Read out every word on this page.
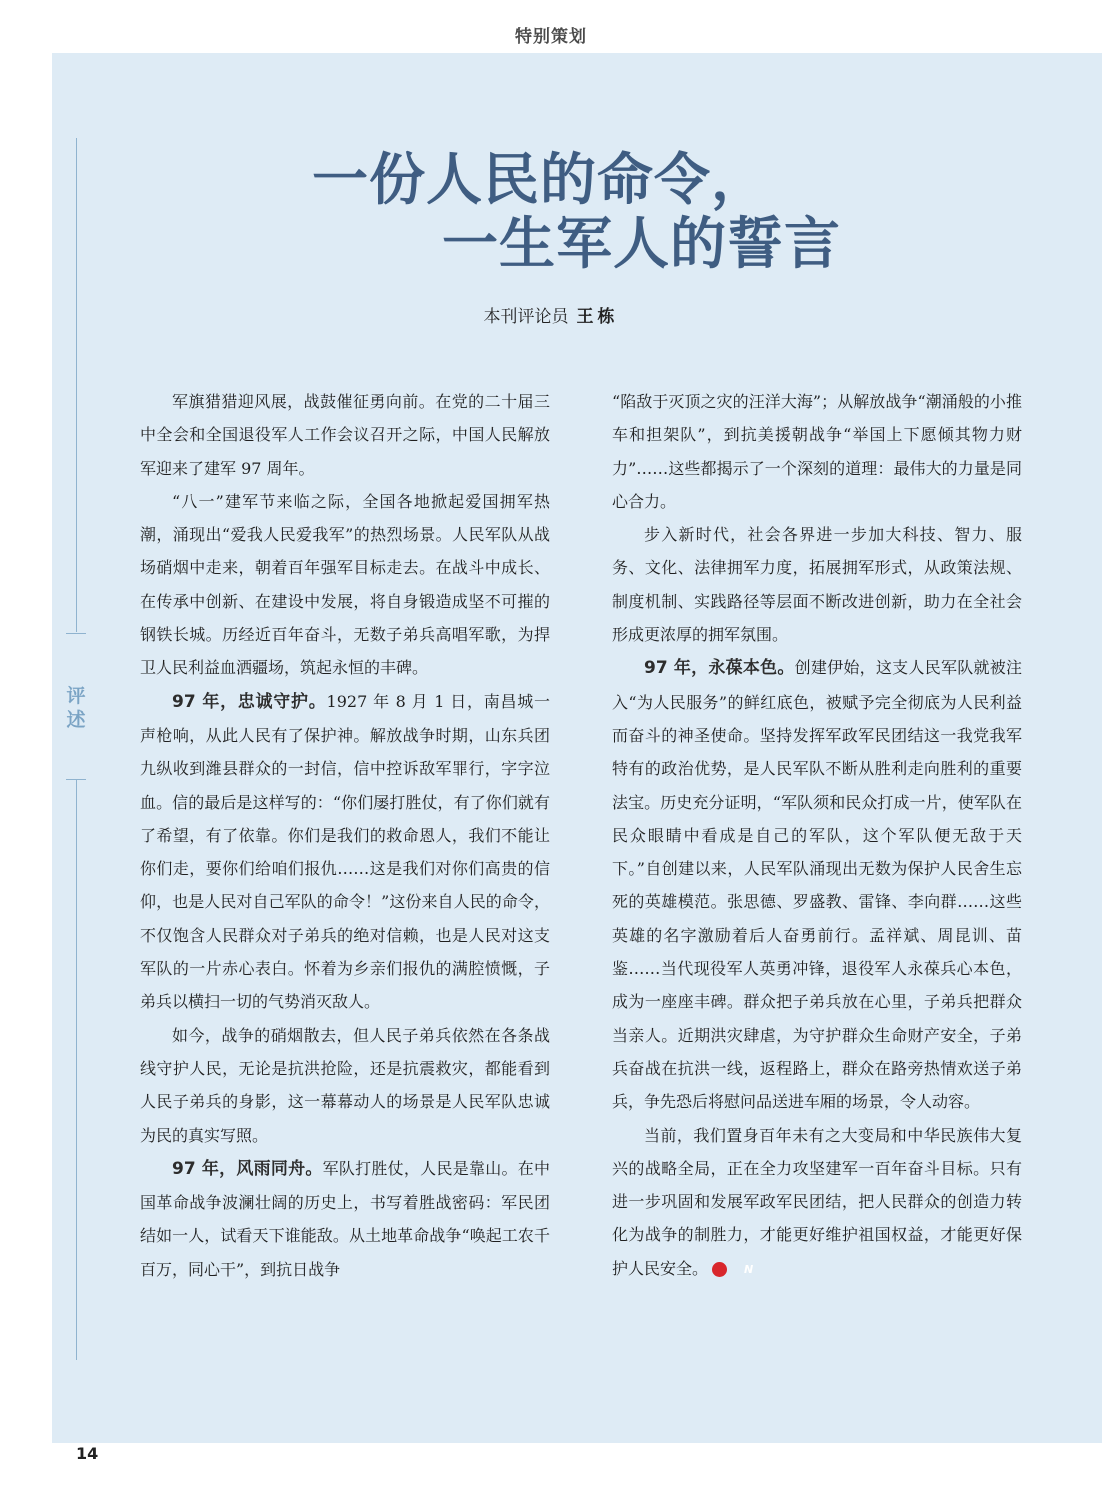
特别策划
评述
一份人民的命令，
一生军人的誓言
本刊评论员 王栋

军旗猎猎迎风展，战鼓催征勇向前。在党的二十届三中全会和全国退役军人工作会议召开之际，中国人民解放军迎来了建军 97 周年。

“八一”建军节来临之际，全国各地掀起爱国拥军热潮，涌现出“爱我人民爱我军”的热烈场景。人民军队从战场硝烟中走来，朝着百年强军目标走去。在战斗中成长、在传承中创新、在建设中发展，将自身锻造成坚不可摧的钢铁长城。历经近百年奋斗，无数子弟兵高唱军歌，为捍卫人民利益血洒疆场，筑起永恒的丰碑。

97 年，忠诚守护。1927 年 8 月 1 日，南昌城一声枪响，从此人民有了保护神。解放战争时期，山东兵团九纵收到潍县群众的一封信，信中控诉敌军罪行，字字泣血。信的最后是这样写的：“你们屡打胜仗，有了你们就有了希望，有了依靠。你们是我们的救命恩人，我们不能让你们走，要你们给咱们报仇……这是我们对你们高贵的信仰，也是人民对自己军队的命令！”这份来自人民的命令，不仅饱含人民群众对子弟兵的绝对信赖，也是人民对这支军队的一片赤心表白。怀着为乡亲们报仇的满腔愤慨，子弟兵以横扫一切的气势消灭敌人。

如今，战争的硝烟散去，但人民子弟兵依然在各条战线守护人民，无论是抗洪抢险，还是抗震救灾，都能看到人民子弟兵的身影，这一幕幕动人的场景是人民军队忠诚为民的真实写照。

97 年，风雨同舟。军队打胜仗，人民是靠山。在中国革命战争波澜壮阔的历史上，书写着胜战密码：军民团结如一人，试看天下谁能敌。从土地革命战争“唤起工农千百万，同心干”，到抗日战争

“陷敌于灭顶之灾的汪洋大海”；从解放战争“潮涌般的小推车和担架队”，到抗美援朝战争“举国上下愿倾其物力财力”……这些都揭示了一个深刻的道理：最伟大的力量是同心合力。

步入新时代，社会各界进一步加大科技、智力、服务、文化、法律拥军力度，拓展拥军形式，从政策法规、制度机制、实践路径等层面不断改进创新，助力在全社会形成更浓厚的拥军氛围。

97 年，永葆本色。创建伊始，这支人民军队就被注入“为人民服务”的鲜红底色，被赋予完全彻底为人民利益而奋斗的神圣使命。坚持发挥军政军民团结这一我党我军特有的政治优势，是人民军队不断从胜利走向胜利的重要法宝。历史充分证明，“军队须和民众打成一片，使军队在民众眼睛中看成是自己的军队，这个军队便无敌于天下。”自创建以来，人民军队涌现出无数为保护人民舍生忘死的英雄模范。张思德、罗盛教、雷锋、李向群……这些英雄的名字激励着后人奋勇前行。孟祥斌、周昆训、苗鉴……当代现役军人英勇冲锋，退役军人永葆兵心本色，成为一座座丰碑。群众把子弟兵放在心里，子弟兵把群众当亲人。近期洪灾肆虐，为守护群众生命财产安全，子弟兵奋战在抗洪一线，返程路上，群众在路旁热情欢送子弟兵，争先恐后将慰问品送进车厢的场景，令人动容。

当前，我们置身百年未有之大变局和中华民族伟大复兴的战略全局，正在全力攻坚建军一百年奋斗目标。只有进一步巩固和发展军政军民团结，把人民群众的创造力转化为战争的制胜力，才能更好维护祖国权益，才能更好保护人民安全。	N

14
